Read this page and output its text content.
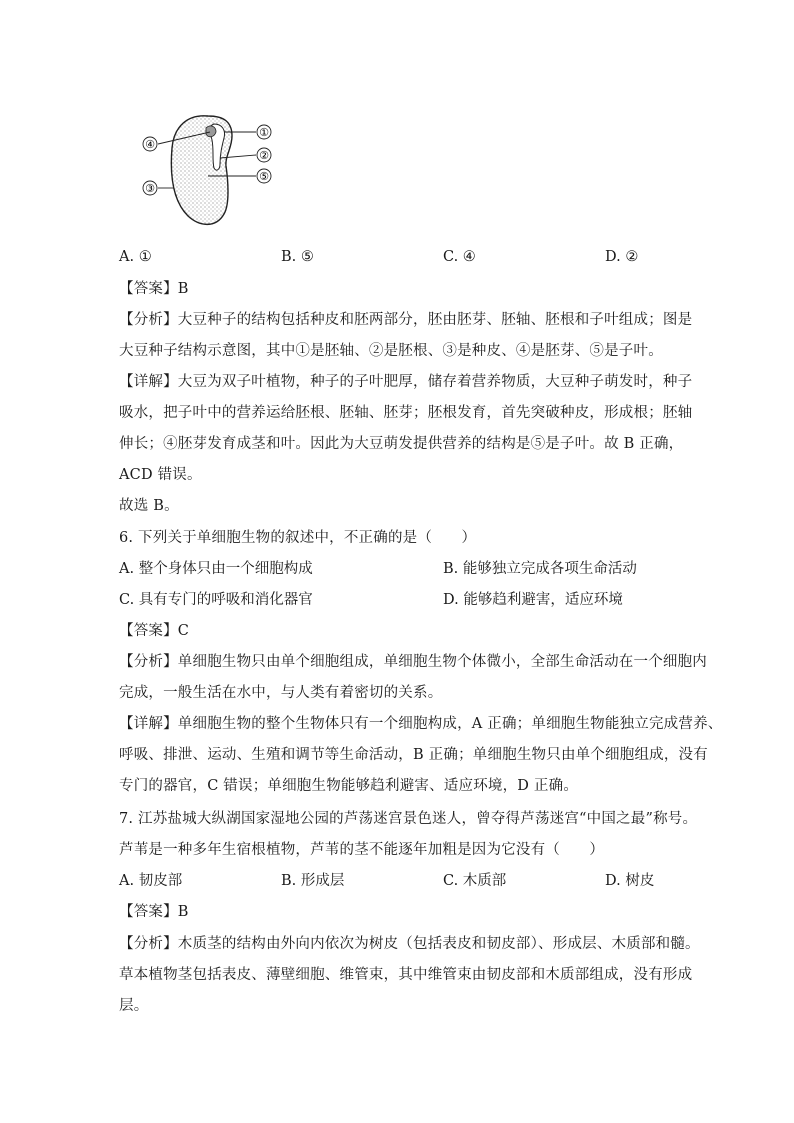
①
②
⑤
④
③
A. ①	B. ⑤	C. ④	D. ②
【答案】B
【分析】大豆种子的结构包括种皮和胚两部分，胚由胚芽、胚轴、胚根和子叶组成；图是
大豆种子结构示意图，其中①是胚轴、②是胚根、③是种皮、④是胚芽、⑤是子叶。
【详解】大豆为双子叶植物，种子的子叶肥厚，储存着营养物质，大豆种子萌发时，种子
吸水，把子叶中的营养运给胚根、胚轴、胚芽；胚根发育，首先突破种皮，形成根；胚轴
伸长；④胚芽发育成茎和叶。因此为大豆萌发提供营养的结构是⑤是子叶。故 B 正确，
ACD 错误。
故选 B。
6. 下列关于单细胞生物的叙述中，不正确的是（　　）
A. 整个身体只由一个细胞构成	B. 能够独立完成各项生命活动
C. 具有专门的呼吸和消化器官	D. 能够趋利避害，适应环境
【答案】C
【分析】单细胞生物只由单个细胞组成，单细胞生物个体微小，全部生命活动在一个细胞内
完成，一般生活在水中，与人类有着密切的关系。
【详解】单细胞生物的整个生物体只有一个细胞构成，A 正确；单细胞生物能独立完成营养、
呼吸、排泄、运动、生殖和调节等生命活动，B 正确；单细胞生物只由单个细胞组成，没有
专门的器官，C 错误；单细胞生物能够趋利避害、适应环境，D 正确。
7. 江苏盐城大纵湖国家湿地公园的芦荡迷宫景色迷人，曾夺得芦荡迷宫“中国之最”称号。
芦苇是一种多年生宿根植物，芦苇的茎不能逐年加粗是因为它没有（　　）
A. 韧皮部	B. 形成层	C. 木质部	D. 树皮
【答案】B
【分析】木质茎的结构由外向内依次为树皮（包括表皮和韧皮部）、形成层、木质部和髓。
草本植物茎包括表皮、薄壁细胞、维管束，其中维管束由韧皮部和木质部组成，没有形成
层。
